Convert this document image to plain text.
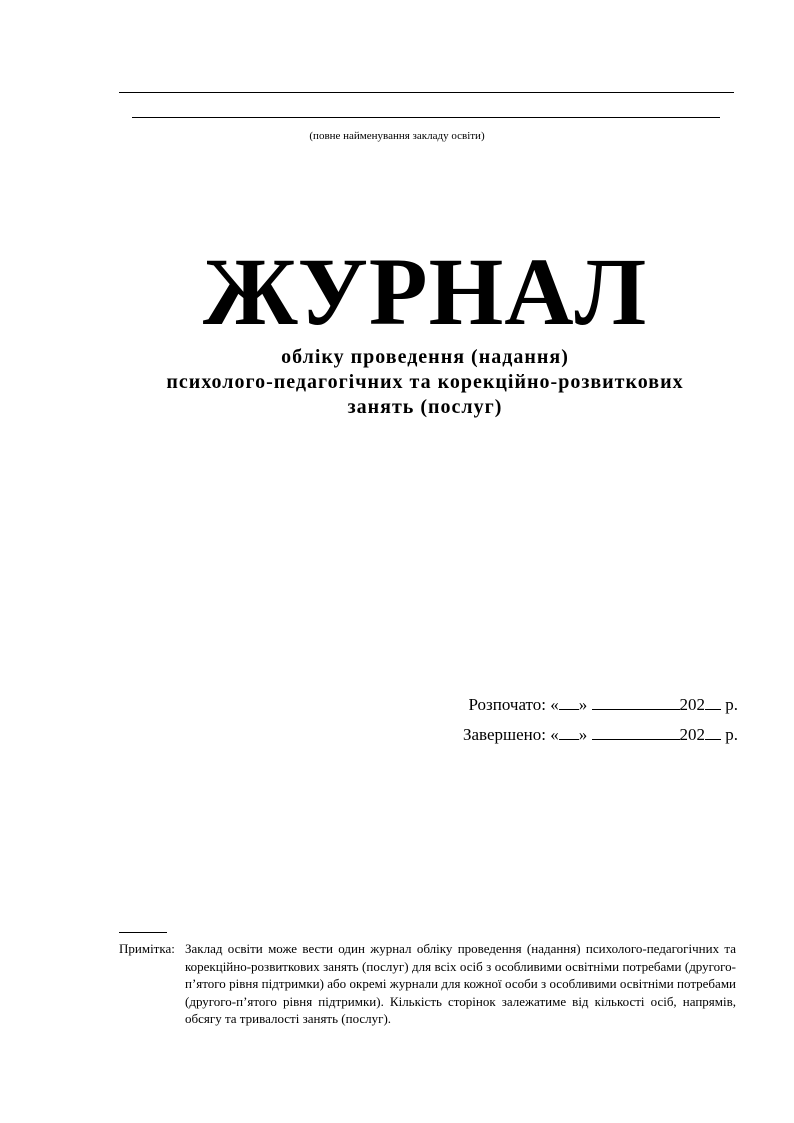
(повне найменування закладу освіти)
ЖУРНАЛ
обліку проведення (надання)
психолого-педагогічних та корекційно-розвиткових
занять (послуг)
Розпочато: « »	202 р.
Завершено: « »	202 р.
Примітка: Заклад освіти може вести один журнал обліку проведення (надання) психолого-педагогічних та корекційно-розвиткових занять (послуг) для всіх осіб з особливими освітніми потребами (другого-п’ятого рівня підтримки) або окремі журнали для кожної особи з особливими освітніми потребами (другого-п’ятого рівня підтримки). Кількість сторінок залежатиме від кількості осіб, напрямів, обсягу та тривалості занять (послуг).
